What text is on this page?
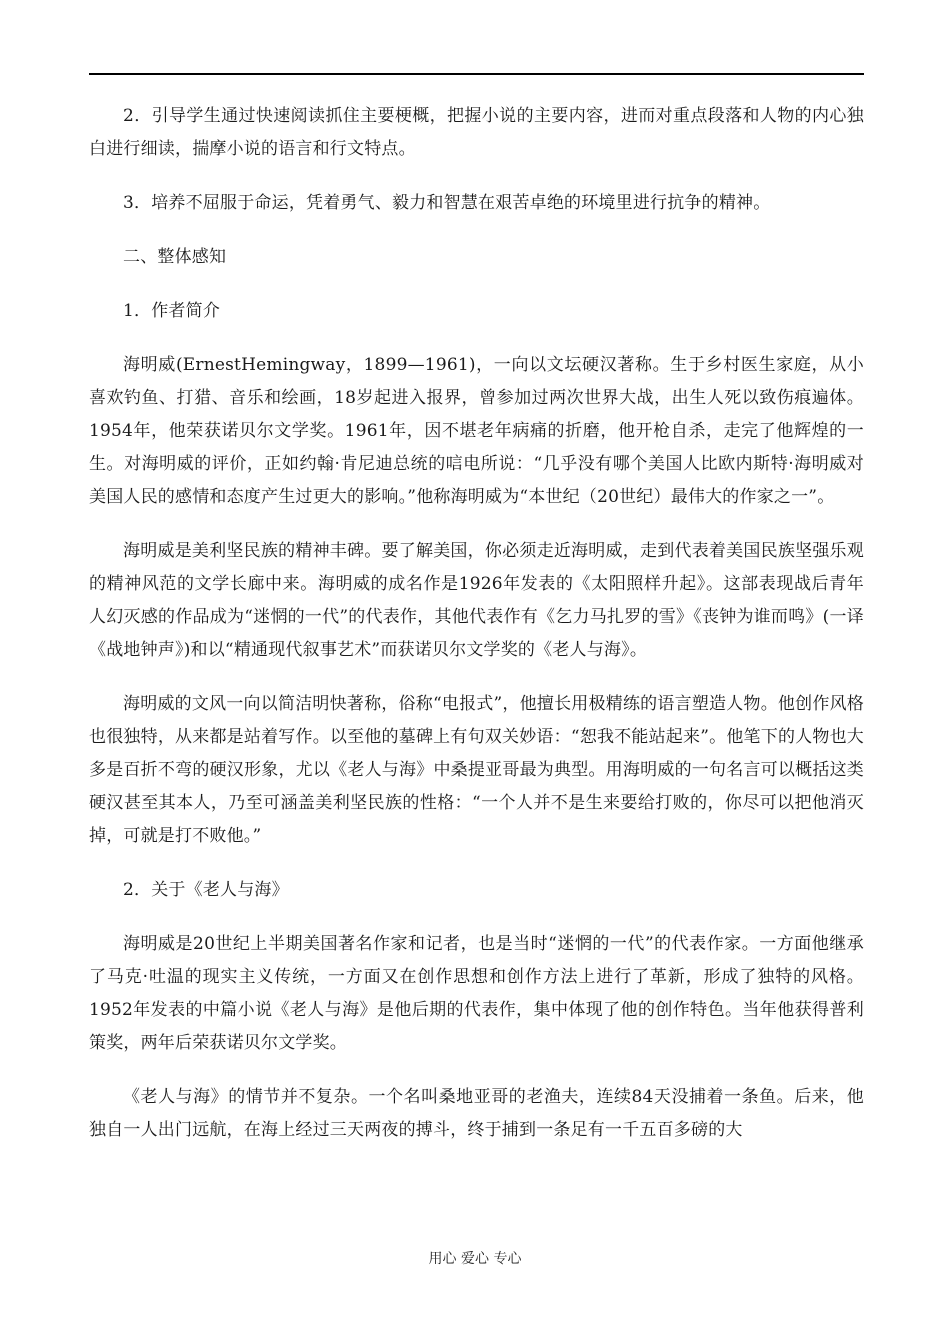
2．引导学生通过快速阅读抓住主要梗概，把握小说的主要内容，进而对重点段落和人物的内心独白进行细读，揣摩小说的语言和行文特点。

3．培养不屈服于命运，凭着勇气、毅力和智慧在艰苦卓绝的环境里进行抗争的精神。

二、整体感知

1．作者简介

海明威(ErnestHemingway，1899—1961)，一向以文坛硬汉著称。生于乡村医生家庭，从小喜欢钓鱼、打猎、音乐和绘画，18岁起进入报界，曾参加过两次世界大战，出生人死以致伤痕遍体。1954年，他荣获诺贝尔文学奖。1961年，因不堪老年病痛的折磨，他开枪自杀，走完了他辉煌的一生。对海明威的评价，正如约翰·肯尼迪总统的唁电所说：“几乎没有哪个美国人比欧内斯特·海明威对美国人民的感情和态度产生过更大的影响。”他称海明威为“本世纪（20世纪）最伟大的作家之一”。

海明威是美利坚民族的精神丰碑。要了解美国，你必须走近海明威，走到代表着美国民族坚强乐观的精神风范的文学长廊中来。海明威的成名作是1926年发表的《太阳照样升起》。这部表现战后青年人幻灭感的作品成为“迷惘的一代”的代表作，其他代表作有《乞力马扎罗的雪》《丧钟为谁而鸣》(一译《战地钟声》)和以“精通现代叙事艺术”而获诺贝尔文学奖的《老人与海》。

海明威的文风一向以简洁明快著称，俗称“电报式”，他擅长用极精练的语言塑造人物。他创作风格也很独特，从来都是站着写作。以至他的墓碑上有句双关妙语：“恕我不能站起来”。他笔下的人物也大多是百折不弯的硬汉形象，尤以《老人与海》中桑提亚哥最为典型。用海明威的一句名言可以概括这类硬汉甚至其本人，乃至可涵盖美利坚民族的性格：“一个人并不是生来要给打败的，你尽可以把他消灭掉，可就是打不败他。”

2．关于《老人与海》

海明威是20世纪上半期美国著名作家和记者，也是当时“迷惘的一代”的代表作家。一方面他继承了马克·吐温的现实主义传统，一方面又在创作思想和创作方法上进行了革新，形成了独特的风格。1952年发表的中篇小说《老人与海》是他后期的代表作，集中体现了他的创作特色。当年他获得普利策奖，两年后荣获诺贝尔文学奖。

《老人与海》的情节并不复杂。一个名叫桑地亚哥的老渔夫，连续84天没捕着一条鱼。后来，他独自一人出门远航，在海上经过三天两夜的搏斗，终于捕到一条足有一千五百多磅的大

用心 爱心 专心
